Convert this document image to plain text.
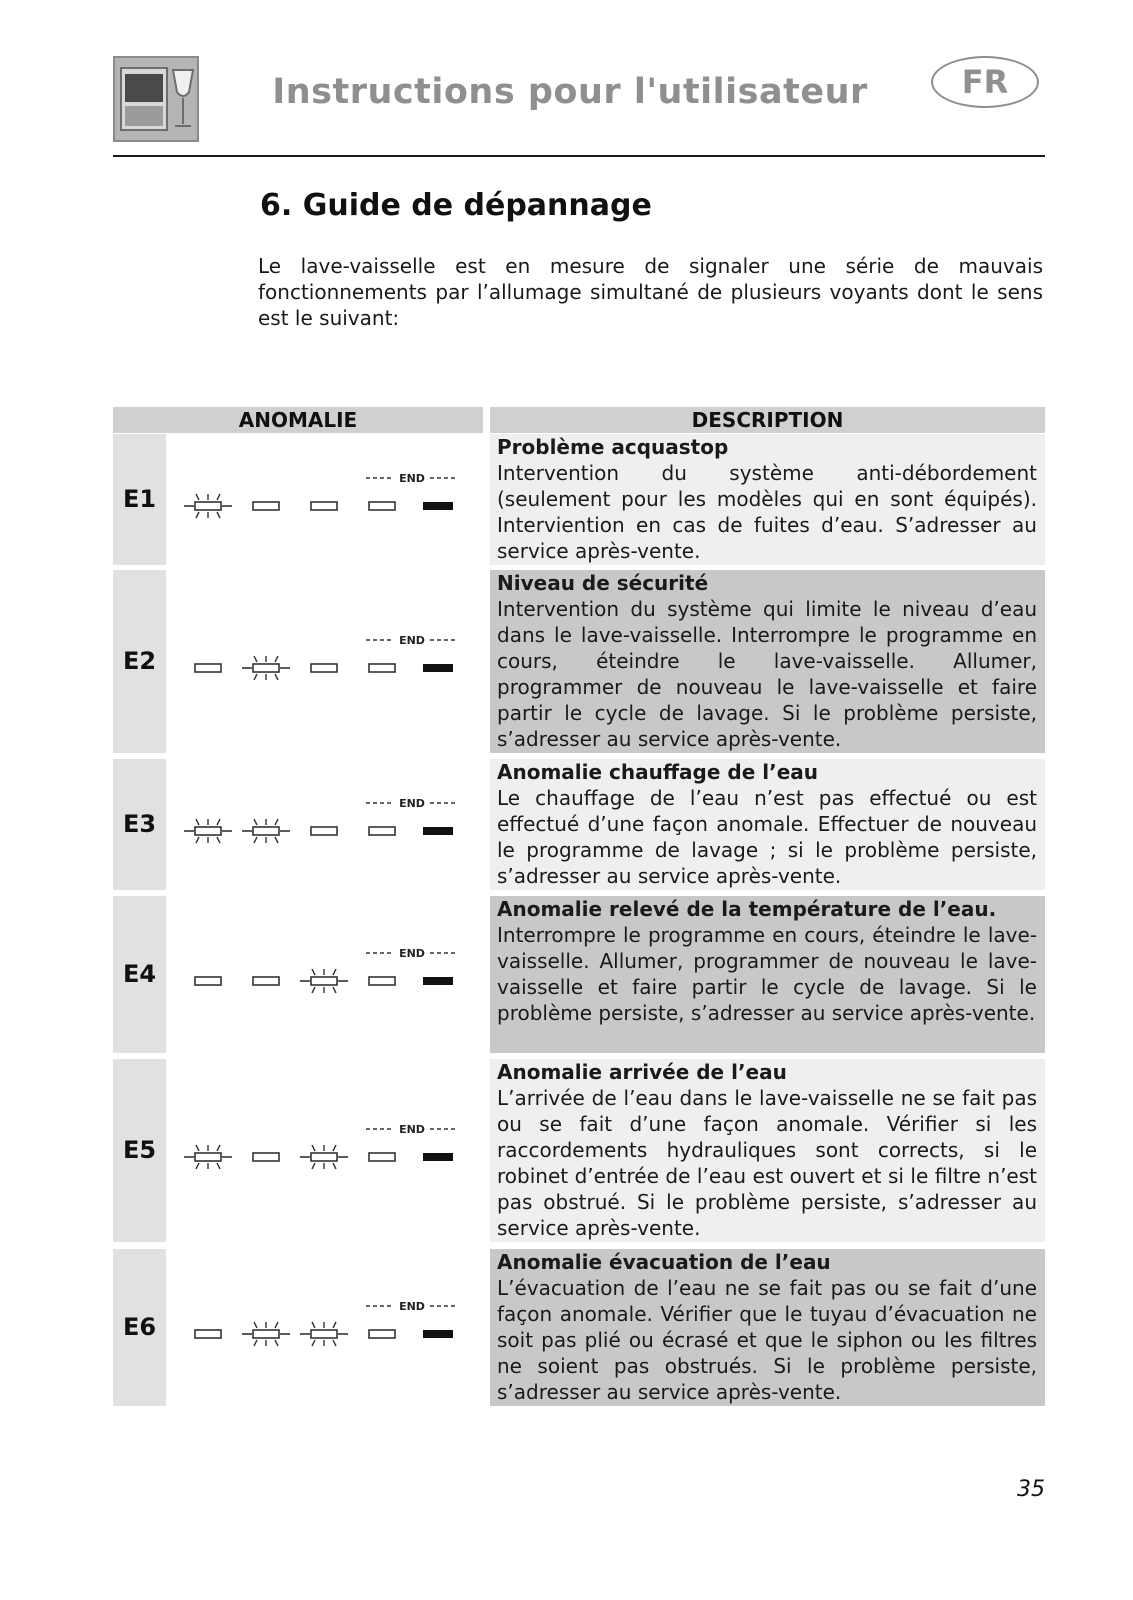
Instructions pour l'utilisateur	FR
6. Guide de dépannage

Le lave-vaisselle est en mesure de signaler une série de mauvais fonctionnements par l’allumage simultané de plusieurs voyants dont le sens est le suivant:

ANOMALIE	DESCRIPTION
E1
END
Problème acquastop
Intervention du système anti-débordement (seulement pour les modèles qui en sont équipés). Interviention en cas de fuites d’eau. S’adresser au service après-vente.
E2
END
Niveau de sécurité
Intervention du système qui limite le niveau d’eau dans le lave-vaisselle. Interrompre le programme en cours, éteindre le lave-vaisselle. Allumer, programmer de nouveau le lave-vaisselle et faire partir le cycle de lavage. Si le problème persiste, s’adresser au service après-vente.
E3
END
Anomalie chauffage de l’eau
Le chauffage de l’eau n’est pas effectué ou est effectué d’une façon anomale. Effectuer de nouveau le programme de lavage ; si le problème persiste, s’adresser au service après-vente.
E4
END
Anomalie relevé de la température de l’eau.
Interrompre le programme en cours, éteindre le lave-vaisselle. Allumer, programmer de nouveau le lave-vaisselle et faire partir le cycle de lavage. Si le problème persiste, s’adresser au service après-vente.
E5
END
Anomalie arrivée de l’eau
L’arrivée de l’eau dans le lave-vaisselle ne se fait pas ou se fait d’une façon anomale. Vérifier si les raccordements hydrauliques sont corrects, si le robinet d’entrée de l’eau est ouvert et si le filtre n’est pas obstrué. Si le problème persiste, s’adresser au service après-vente.
E6
END
Anomalie évacuation de l’eau
L’évacuation de l’eau ne se fait pas ou se fait d’une façon anomale. Vérifier que le tuyau d’évacuation ne soit pas plié ou écrasé et que le siphon ou les filtres ne soient pas obstrués. Si le problème persiste, s’adresser au service après-vente.
35
